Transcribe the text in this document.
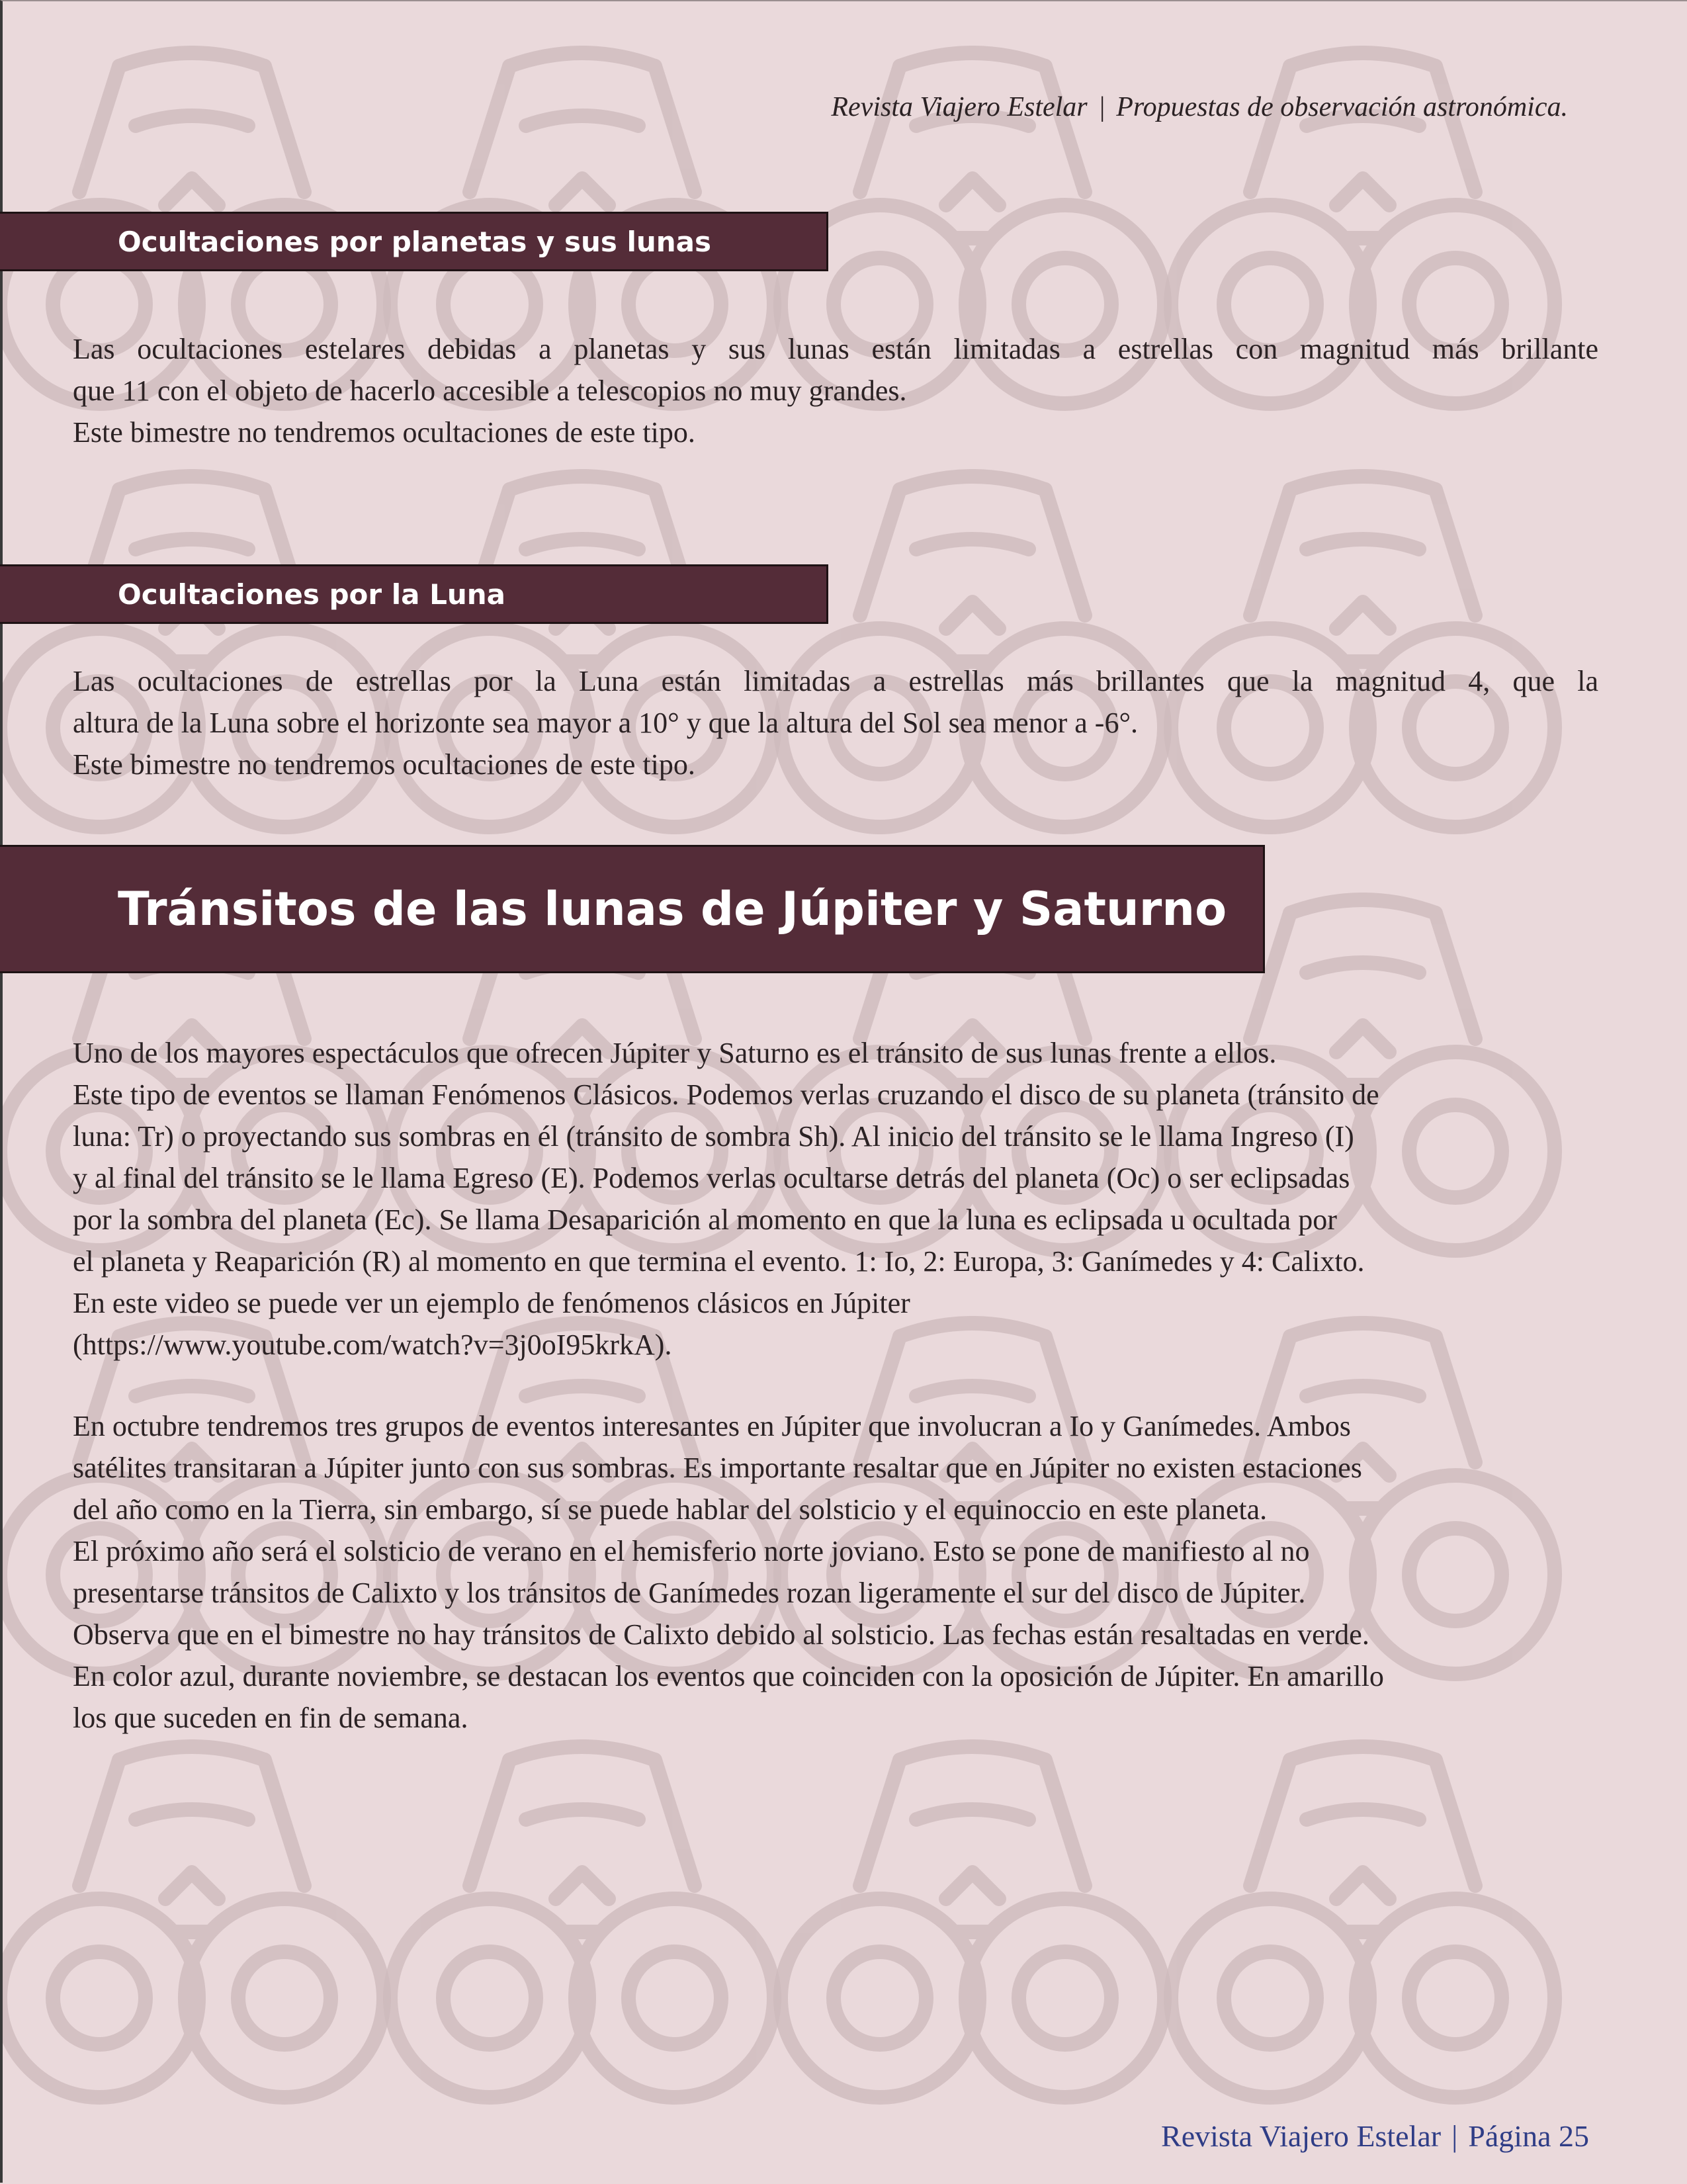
Revista Viajero Estelar | Propuestas de observación astronómica.
Ocultaciones por planetas y sus lunas

Las ocultaciones estelares debidas a planetas y sus lunas están limitadas a estrellas con magnitud más brillante

que 11 con el objeto de hacerlo accesible a telescopios no muy grandes.

Este bimestre no tendremos ocultaciones de este tipo.

Ocultaciones por la Luna

Las ocultaciones de estrellas por la Luna están limitadas a estrellas más brillantes que la magnitud 4, que la

altura de la Luna sobre el horizonte sea mayor a 10° y que la altura del Sol sea menor a -6°.

Este bimestre no tendremos ocultaciones de este tipo.

Tránsitos de las lunas de Júpiter y Saturno

Uno de los mayores espectáculos que ofrecen Júpiter y Saturno es el tránsito de sus lunas frente a ellos.

Este tipo de eventos se llaman Fenómenos Clásicos. Podemos verlas cruzando el disco de su planeta (tránsito de

luna: Tr) o proyectando sus sombras en él (tránsito de sombra Sh). Al inicio del tránsito se le llama Ingreso (I)

y al final del tránsito se le llama Egreso (E). Podemos verlas ocultarse detrás del planeta (Oc) o ser eclipsadas

por la sombra del planeta (Ec). Se llama Desaparición al momento en que la luna es eclipsada u ocultada por

el planeta y Reaparición (R) al momento en que termina el evento. 1: Io, 2: Europa, 3: Ganímedes y 4: Calixto.

En este video se puede ver un ejemplo de fenómenos clásicos en Júpiter

(https://www.youtube.com/watch?v=3j0oI95krkA).

En octubre tendremos tres grupos de eventos interesantes en Júpiter que involucran a Io y Ganímedes. Ambos

satélites transitaran a Júpiter junto con sus sombras. Es importante resaltar que en Júpiter no existen estaciones

del año como en la Tierra, sin embargo, sí se puede hablar del solsticio y el equinoccio en este planeta.

El próximo año será el solsticio de verano en el hemisferio norte joviano. Esto se pone de manifiesto al no

presentarse tránsitos de Calixto y los tránsitos de Ganímedes rozan ligeramente el sur del disco de Júpiter.

Observa que en el bimestre no hay tránsitos de Calixto debido al solsticio. Las fechas están resaltadas en verde.

En color azul, durante noviembre, se destacan los eventos que coinciden con la oposición de Júpiter. En amarillo

los que suceden en fin de semana.

Revista Viajero Estelar | Página 25
